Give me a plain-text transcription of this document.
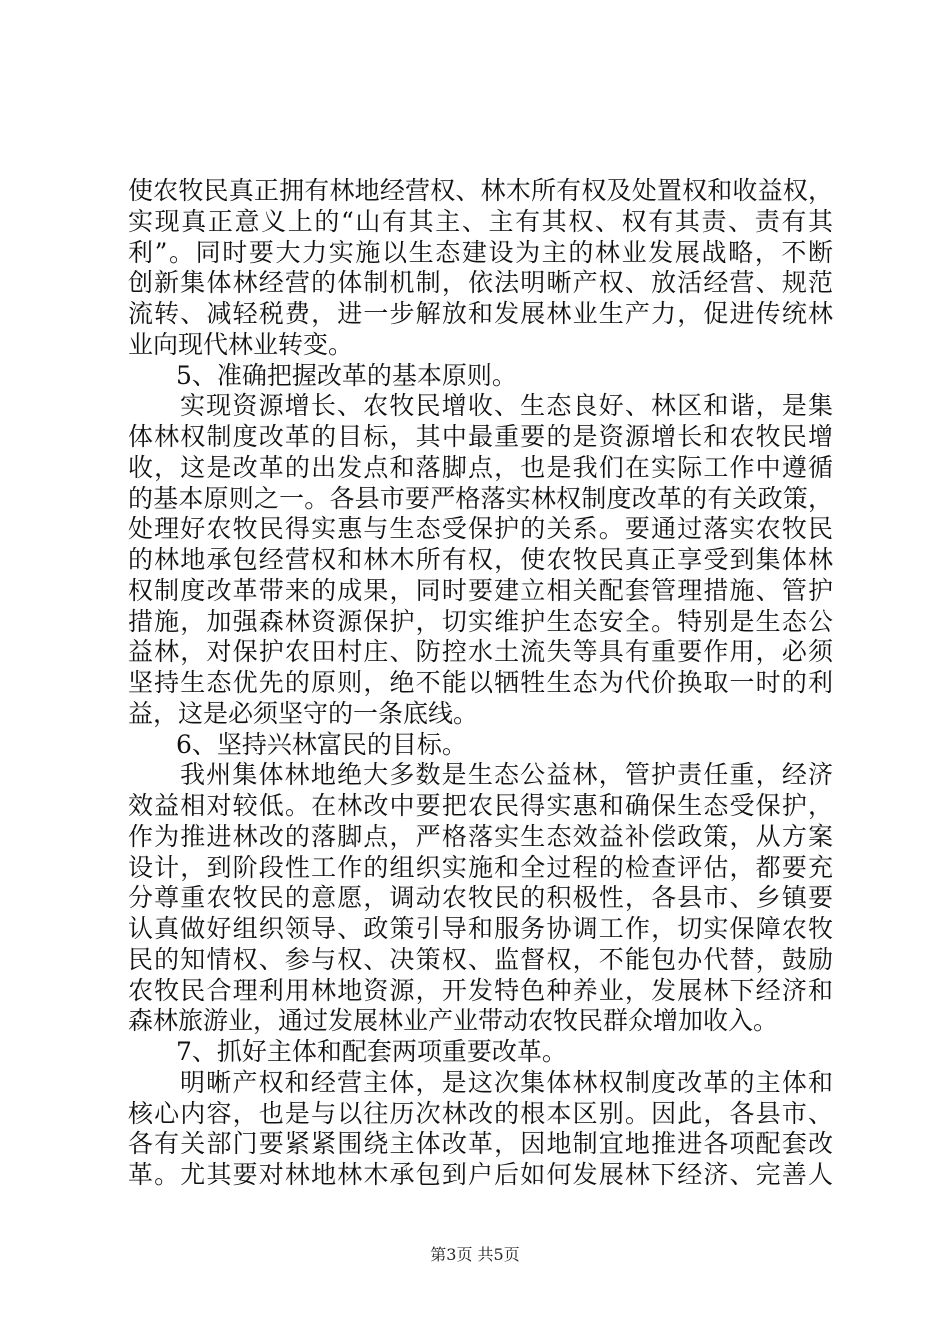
使农牧民真正拥有林地经营权、林木所有权及处置权和收益权，
实现真正意义上的“山有其主、主有其权、权有其责、责有其
利”。同时要大力实施以生态建设为主的林业发展战略，不断
创新集体林经营的体制机制，依法明晰产权、放活经营、规范
流转、减轻税费，进一步解放和发展林业生产力，促进传统林
业向现代林业转变。
5、准确把握改革的基本原则。
实现资源增长、农牧民增收、生态良好、林区和谐，是集
体林权制度改革的目标，其中最重要的是资源增长和农牧民增
收，这是改革的出发点和落脚点，也是我们在实际工作中遵循
的基本原则之一。各县市要严格落实林权制度改革的有关政策，
处理好农牧民得实惠与生态受保护的关系。要通过落实农牧民
的林地承包经营权和林木所有权，使农牧民真正享受到集体林
权制度改革带来的成果，同时要建立相关配套管理措施、管护
措施，加强森林资源保护，切实维护生态安全。特别是生态公
益林，对保护农田村庄、防控水土流失等具有重要作用，必须
坚持生态优先的原则，绝不能以牺牲生态为代价换取一时的利
益，这是必须坚守的一条底线。
6、坚持兴林富民的目标。
我州集体林地绝大多数是生态公益林，管护责任重，经济
效益相对较低。在林改中要把农民得实惠和确保生态受保护，
作为推进林改的落脚点，严格落实生态效益补偿政策，从方案
设计，到阶段性工作的组织实施和全过程的检查评估，都要充
分尊重农牧民的意愿，调动农牧民的积极性，各县市、乡镇要
认真做好组织领导、政策引导和服务协调工作，切实保障农牧
民的知情权、参与权、决策权、监督权，不能包办代替，鼓励
农牧民合理利用林地资源，开发特色种养业，发展林下经济和
森林旅游业，通过发展林业产业带动农牧民群众增加收入。
7、抓好主体和配套两项重要改革。
明晰产权和经营主体，是这次集体林权制度改革的主体和
核心内容，也是与以往历次林改的根本区别。因此，各县市、
各有关部门要紧紧围绕主体改革，因地制宜地推进各项配套改
革。尤其要对林地林木承包到户后如何发展林下经济、完善人
第3页 共5页
